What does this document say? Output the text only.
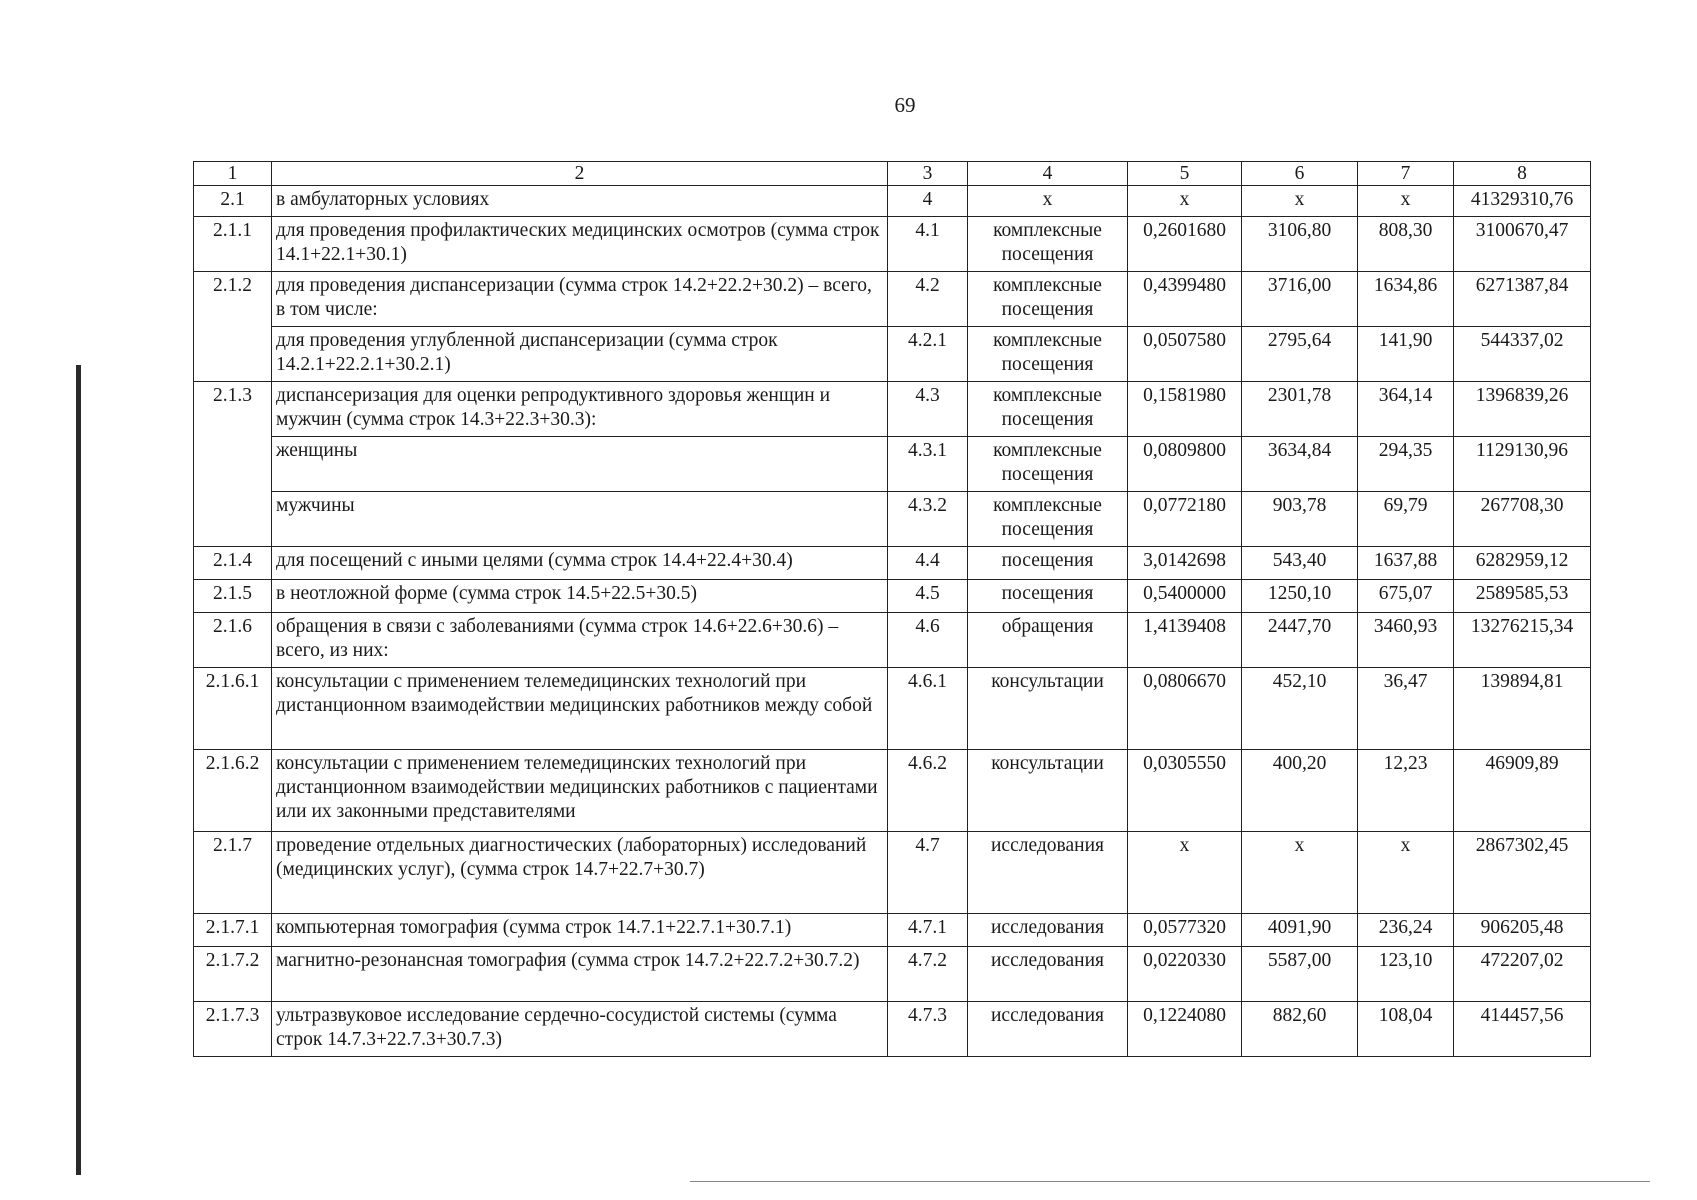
69
1	2	3	4	5	6	7	8
2.1	в амбулаторных условиях	4	х	х	х	х	41329310,76
2.1.1	для проведения профилактических медицинских осмотров (сумма строк 14.1+22.1+30.1)	4.1	комплексные посещения	0,2601680	3106,80	808,30	3100670,47
2.1.2	для проведения диспансеризации (сумма строк 14.2+22.2+30.2) – всего, в том числе:	4.2	комплексные посещения	0,4399480	3716,00	1634,86	6271387,84
	для проведения углубленной диспансеризации (сумма строк 14.2.1+22.2.1+30.2.1)	4.2.1	комплексные посещения	0,0507580	2795,64	141,90	544337,02
2.1.3	диспансеризация для оценки репродуктивного здоровья женщин и мужчин (сумма строк 14.3+22.3+30.3):	4.3	комплексные посещения	0,1581980	2301,78	364,14	1396839,26
	женщины	4.3.1	комплексные посещения	0,0809800	3634,84	294,35	1129130,96
	мужчины	4.3.2	комплексные посещения	0,0772180	903,78	69,79	267708,30
2.1.4	для посещений с иными целями (сумма строк 14.4+22.4+30.4)	4.4	посещения	3,0142698	543,40	1637,88	6282959,12
2.1.5	в неотложной форме (сумма строк 14.5+22.5+30.5)	4.5	посещения	0,5400000	1250,10	675,07	2589585,53
2.1.6	обращения в связи с заболеваниями (сумма строк 14.6+22.6+30.6) – всего, из них:	4.6	обращения	1,4139408	2447,70	3460,93	13276215,34
2.1.6.1	консультации с применением телемедицинских технологий при дистанционном взаимодействии медицинских работников между собой	4.6.1	консультации	0,0806670	452,10	36,47	139894,81
2.1.6.2	консультации с применением телемедицинских технологий при дистанционном взаимодействии медицинских работников с пациентами или их законными представителями	4.6.2	консультации	0,0305550	400,20	12,23	46909,89
2.1.7	проведение отдельных диагностических (лабораторных) исследований (медицинских услуг), (сумма строк 14.7+22.7+30.7)	4.7	исследования	х	х	х	2867302,45
2.1.7.1	компьютерная томография (сумма строк 14.7.1+22.7.1+30.7.1)	4.7.1	исследования	0,0577320	4091,90	236,24	906205,48
2.1.7.2	магнитно-резонансная томография (сумма строк 14.7.2+22.7.2+30.7.2)	4.7.2	исследования	0,0220330	5587,00	123,10	472207,02
2.1.7.3	ультразвуковое исследование сердечно-сосудистой системы (сумма строк 14.7.3+22.7.3+30.7.3)	4.7.3	исследования	0,1224080	882,60	108,04	414457,56
